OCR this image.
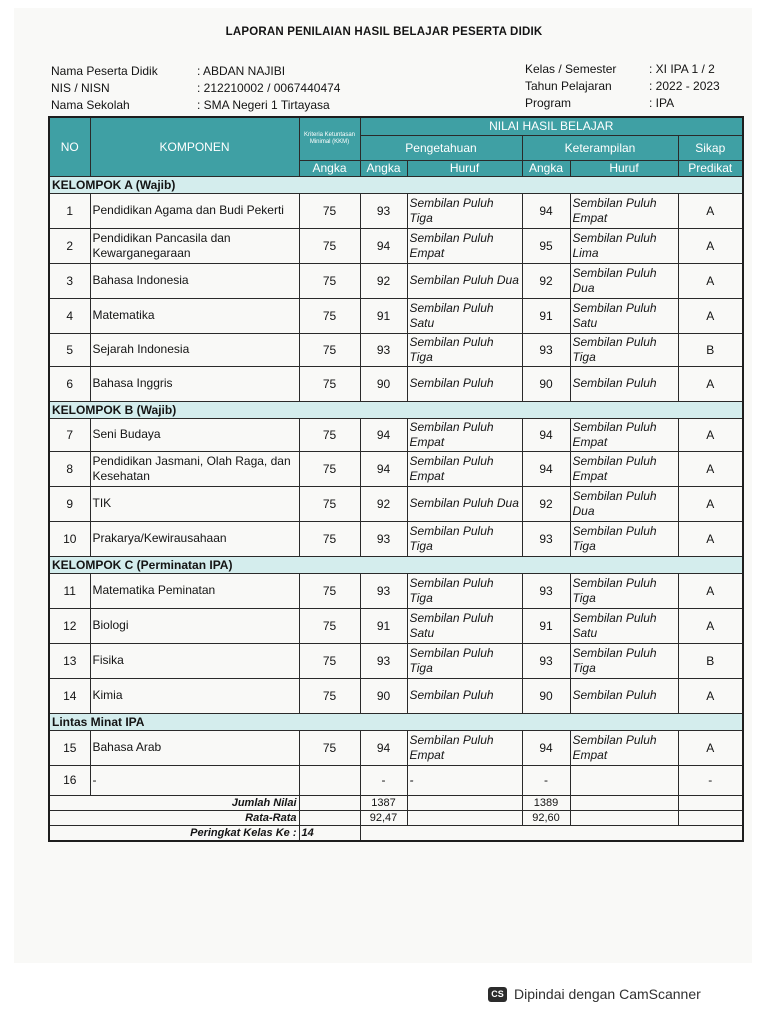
LAPORAN PENILAIAN HASIL BELAJAR PESERTA DIDIK
Nama Peserta Didik	: ABDAN NAJIBI
NIS / NISN	: 212210002 / 0067440474
Nama Sekolah	: SMA Negeri 1 Tirtayasa
Kelas / Semester	: XI IPA 1 / 2
Tahun Pelajaran	: 2022 - 2023
Program	: IPA
NO	KOMPONEN	Kriteria Ketuntasan Minimal (KKM)	NILAI HASIL BELAJAR				
			Pengetahuan		Keterampilan		Sikap
		Angka	Angka	Huruf	Angka	Huruf	Predikat
KELOMPOK A (Wajib)							
1	Pendidikan Agama dan Budi Pekerti	75	93	Sembilan Puluh Tiga	94	Sembilan Puluh Empat	A
2	Pendidikan Pancasila dan Kewarganegaraan	75	94	Sembilan Puluh Empat	95	Sembilan Puluh Lima	A
3	Bahasa Indonesia	75	92	Sembilan Puluh Dua	92	Sembilan Puluh Dua	A
4	Matematika	75	91	Sembilan Puluh Satu	91	Sembilan Puluh Satu	A
5	Sejarah Indonesia	75	93	Sembilan Puluh Tiga	93	Sembilan Puluh Tiga	B
6	Bahasa Inggris	75	90	Sembilan Puluh	90	Sembilan Puluh	A
KELOMPOK B (Wajib)							
7	Seni Budaya	75	94	Sembilan Puluh Empat	94	Sembilan Puluh Empat	A
8	Pendidikan Jasmani, Olah Raga, dan Kesehatan	75	94	Sembilan Puluh Empat	94	Sembilan Puluh Empat	A
9	TIK	75	92	Sembilan Puluh Dua	92	Sembilan Puluh Dua	A
10	Prakarya/Kewirausahaan	75	93	Sembilan Puluh Tiga	93	Sembilan Puluh Tiga	A
KELOMPOK C (Perminatan IPA)							
11	Matematika Peminatan	75	93	Sembilan Puluh Tiga	93	Sembilan Puluh Tiga	A
12	Biologi	75	91	Sembilan Puluh Satu	91	Sembilan Puluh Satu	A
13	Fisika	75	93	Sembilan Puluh Tiga	93	Sembilan Puluh Tiga	B
14	Kimia	75	90	Sembilan Puluh	90	Sembilan Puluh	A
Lintas Minat IPA							
15	Bahasa Arab	75	94	Sembilan Puluh Empat	94	Sembilan Puluh Empat	A
16	-		-	-	-		-
Jumlah Nilai			1387		1389		
Rata-Rata			92,47		92,60		
Peringkat Kelas Ke :		14					
CS Dipindai dengan CamScanner
